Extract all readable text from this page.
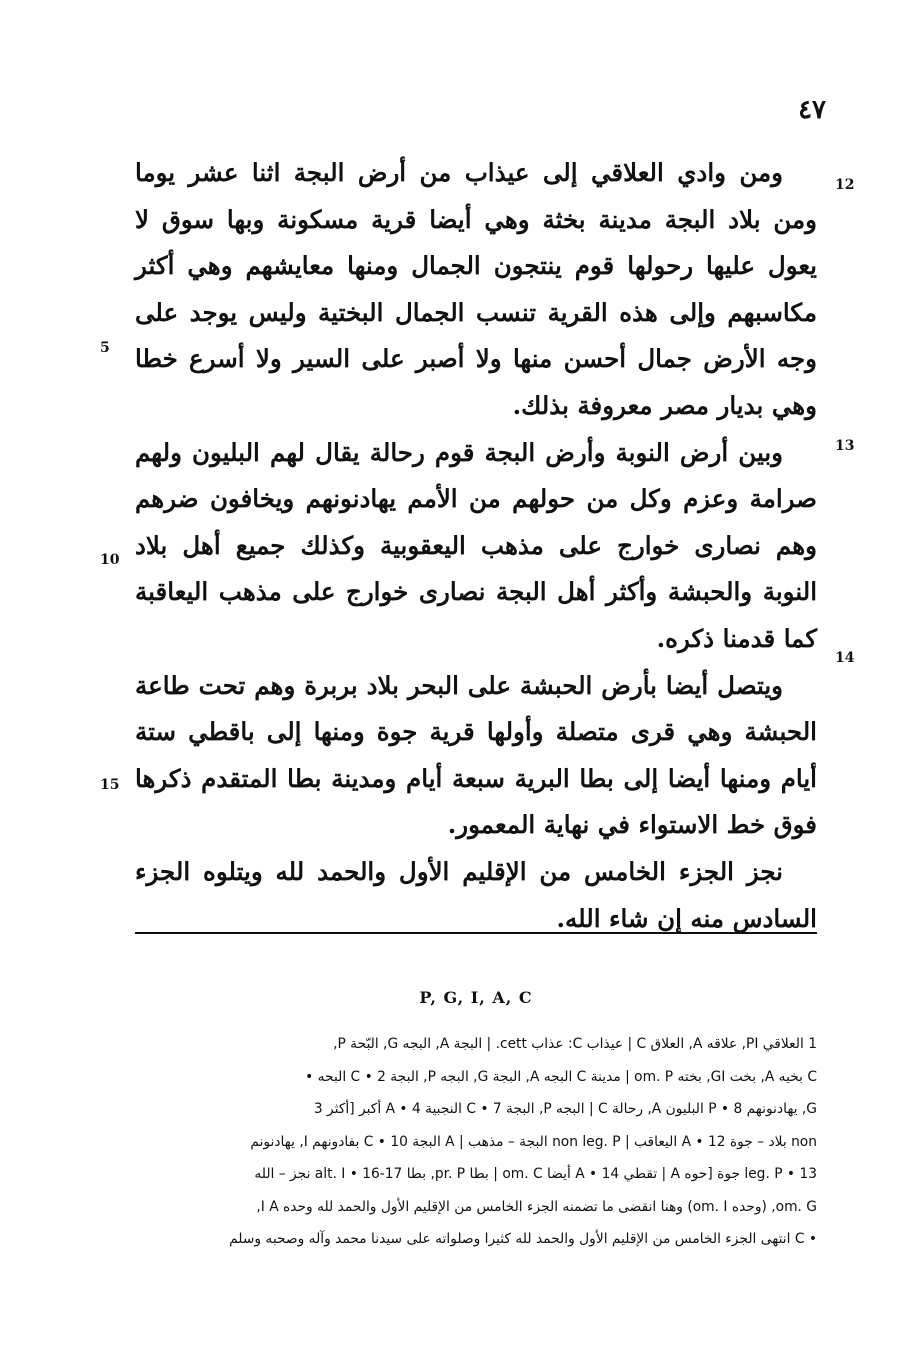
٤٧
12
13
14
5
10
15

ومن وادي العلاقي إلى عيذاب من أرض البجة اثنا عشر يوما ومن بلاد البجة مدينة بخثة وهي أيضا قرية مسكونة وبها سوق لا يعول عليها رحولها قوم ينتجون الجمال ومنها معايشهم وهي أكثر مكاسبهم وإلى هذه القرية تنسب الجمال البختية وليس يوجد على وجه الأرض جمال أحسن منها ولا أصبر على السير ولا أسرع خطا وهي بديار مصر معروفة بذلك.

وبين أرض النوبة وأرض البجة قوم رحالة يقال لهم البليون ولهم صرامة وعزم وكل من حولهم من الأمم يهادنونهم ويخافون ضرهم وهم نصارى خوارج على مذهب اليعقوبية وكذلك جميع أهل بلاد النوبة والحبشة وأكثر أهل البجة نصارى خوارج على مذهب اليعاقبة كما قدمنا ذكره.

ويتصل أيضا بأرض الحبشة على البحر بلاد بربرة وهم تحت طاعة الحبشة وهي قرى متصلة وأولها قرية جوة ومنها إلى باقطي ستة أيام ومنها أيضا إلى بطا البرية سبعة أيام ومدينة بطا المتقدم ذكرها فوق خط الاستواء في نهاية المعمور.

نجز الجزء الخامس من الإقليم الأول والحمد لله ويتلوه الجزء السادس منه إن شاء الله.

P, G, I, A, C

1 العلاقي PI, علاقه A, العلاق C | عيذاب C: عذاب cett. | البجة A, البجه G, البّحة P,

C بخيه A, بخت GI, بخته om. P | مدينة C البجه A, البجة G, البجه P, البجة 2 • C البحه •

G, يهادنونهم 8 • P البليون A, رحالة C | البجه P, البجة 7 • C النجبية 4 • A أكبر [أكثر 3

non بلاد – جوة 12 • A اليعاقب | non leg. P البجة – مذهب | A البجة 10 • C بفادونهم I, يهادنونم

leg. P • 13 جوة [حوه A | تقطي A • 14 أيضا om. C | بطا pr. P, بطا alt. I • 16-17 نجز – الله

om. G, (وحده om. I) وهنا انقضى ما تضمنه الجزء الخامس من الإقليم الأول والحمد لله وحده I A,

• C انتهى الجزء الخامس من الإقليم الأول والحمد لله كثيرا وصلواته على سيدنا محمد وآله وصحبه وسلم
